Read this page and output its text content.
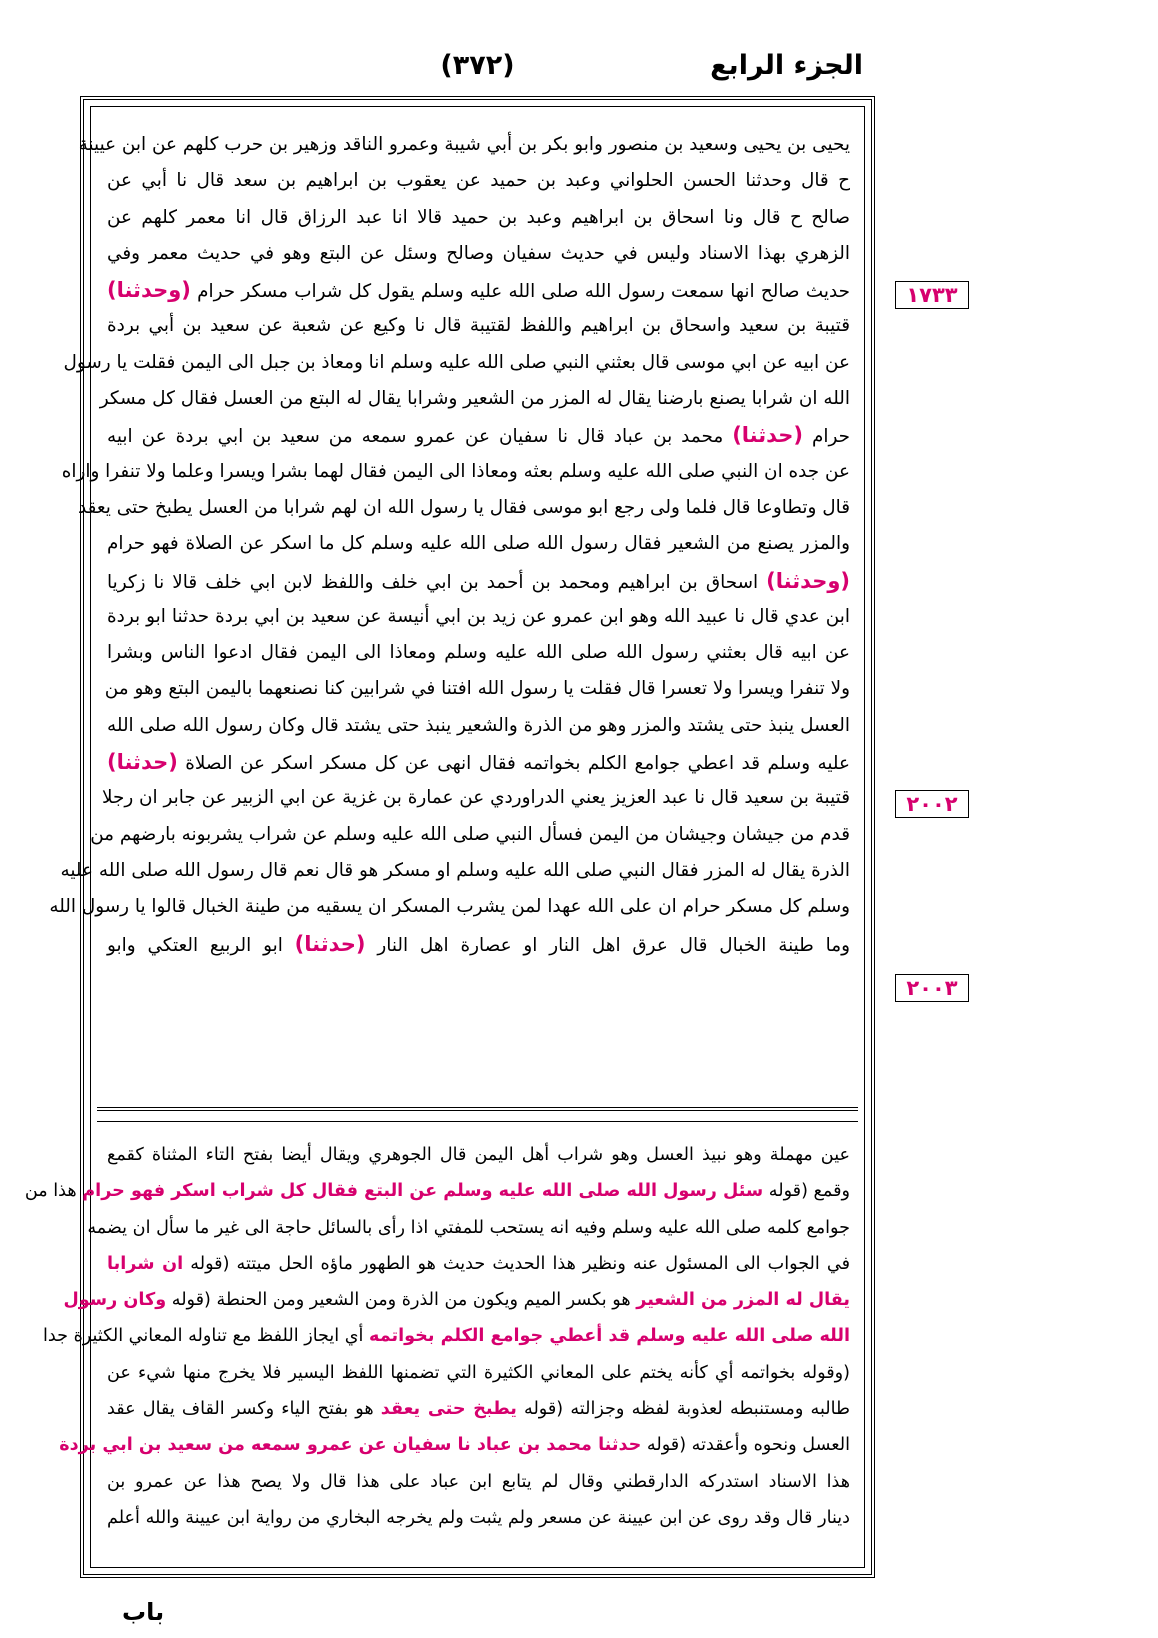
الجزء الرابع
(٣٧٢)
يحيى بن يحيى وسعيد بن منصور وابو بكر بن أبي شيبة وعمرو الناقد وزهير بن حرب كلهم عن ابن عيينة
ح قال وحدثنا الحسن الحلواني وعبد بن حميد عن يعقوب بن ابراهيم بن سعد قال نا أبي عن
صالح ح قال ونا اسحاق بن ابراهيم وعبد بن حميد قالا انا عبد الرزاق قال انا معمر كلهم عن
الزهري بهذا الاسناد وليس في حديث سفيان وصالح وسئل عن البتع وهو في حديث معمر وفي
حديث صالح انها سمعت رسول الله صلى الله عليه وسلم يقول كل شراب مسكر حرام (وحدثنا)
قتيبة بن سعيد واسحاق بن ابراهيم واللفظ لقتيبة قال نا وكيع عن شعبة عن سعيد بن أبي بردة
عن ابيه عن ابي موسى قال بعثني النبي صلى الله عليه وسلم انا ومعاذ بن جبل الى اليمن فقلت يا رسول
الله ان شرابا يصنع بارضنا يقال له المزر من الشعير وشرابا يقال له البتع من العسل فقال كل مسكر
حرام (حدثنا) محمد بن عباد قال نا سفيان عن عمرو سمعه من سعيد بن ابي بردة عن ابيه
عن جده ان النبي صلى الله عليه وسلم بعثه ومعاذا الى اليمن فقال لهما بشرا ويسرا وعلما ولا تنفرا واراه
قال وتطاوعا قال فلما ولى رجع ابو موسى فقال يا رسول الله ان لهم شرابا من العسل يطبخ حتى يعقد
والمزر يصنع من الشعير فقال رسول الله صلى الله عليه وسلم كل ما اسكر عن الصلاة فهو حرام
(وحدثنا) اسحاق بن ابراهيم ومحمد بن أحمد بن ابي خلف واللفظ لابن ابي خلف قالا نا زكريا
ابن عدي قال نا عبيد الله وهو ابن عمرو عن زيد بن ابي أنيسة عن سعيد بن ابي بردة حدثنا ابو بردة
عن ابيه قال بعثني رسول الله صلى الله عليه وسلم ومعاذا الى اليمن فقال ادعوا الناس وبشرا
ولا تنفرا ويسرا ولا تعسرا قال فقلت يا رسول الله افتنا في شرابين كنا نصنعهما باليمن البتع وهو من
العسل ينبذ حتى يشتد والمزر وهو من الذرة والشعير ينبذ حتى يشتد قال وكان رسول الله صلى الله
عليه وسلم قد اعطي جوامع الكلم بخواتمه فقال انهى عن كل مسكر اسكر عن الصلاة (حدثنا)
قتيبة بن سعيد قال نا عبد العزيز يعني الدراوردي عن عمارة بن غزية عن ابي الزبير عن جابر ان رجلا
قدم من جيشان وجيشان من اليمن فسأل النبي صلى الله عليه وسلم عن شراب يشربونه بارضهم من
الذرة يقال له المزر فقال النبي صلى الله عليه وسلم او مسكر هو قال نعم قال رسول الله صلى الله عليه
وسلم كل مسكر حرام ان على الله عهدا لمن يشرب المسكر ان يسقيه من طينة الخبال قالوا يا رسول الله
وما طينة الخبال قال عرق اهل النار او عصارة اهل النار (حدثنا) ابو الربيع العتكي وابو
عين مهملة وهو نبيذ العسل وهو شراب أهل اليمن قال الجوهري ويقال أيضا بفتح التاء المثناة كقمع
وقمع (قوله سئل رسول الله صلى الله عليه وسلم عن البتع فقال كل شراب اسكر فهو حرام هذا من
جوامع كلمه صلى الله عليه وسلم وفيه انه يستحب للمفتي اذا رأى بالسائل حاجة الى غير ما سأل ان يضمه
في الجواب الى المسئول عنه ونظير هذا الحديث حديث هو الطهور ماؤه الحل ميتته (قوله ان شرابا
يقال له المزر من الشعير هو بكسر الميم ويكون من الذرة ومن الشعير ومن الحنطة (قوله وكان رسول
الله صلى الله عليه وسلم قد أعطي جوامع الكلم بخواتمه أي ايجاز اللفظ مع تناوله المعاني الكثيرة جدا
(وقوله بخواتمه أي كأنه يختم على المعاني الكثيرة التي تضمنها اللفظ اليسير فلا يخرج منها شيء عن
طالبه ومستنبطه لعذوبة لفظه وجزالته (قوله يطبخ حتى يعقد هو بفتح الياء وكسر القاف يقال عقد
العسل ونحوه وأعقدته (قوله حدثنا محمد بن عباد نا سفيان عن عمرو سمعه من سعيد بن ابي بردة
هذا الاسناد استدركه الدارقطني وقال لم يتابع ابن عباد على هذا قال ولا يصح هذا عن عمرو بن
دينار قال وقد روى عن ابن عيينة عن مسعر ولم يثبت ولم يخرجه البخاري من رواية ابن عيينة والله أعلم
١٧٣٣
٢٠٠٢
٢٠٠٣
باب
